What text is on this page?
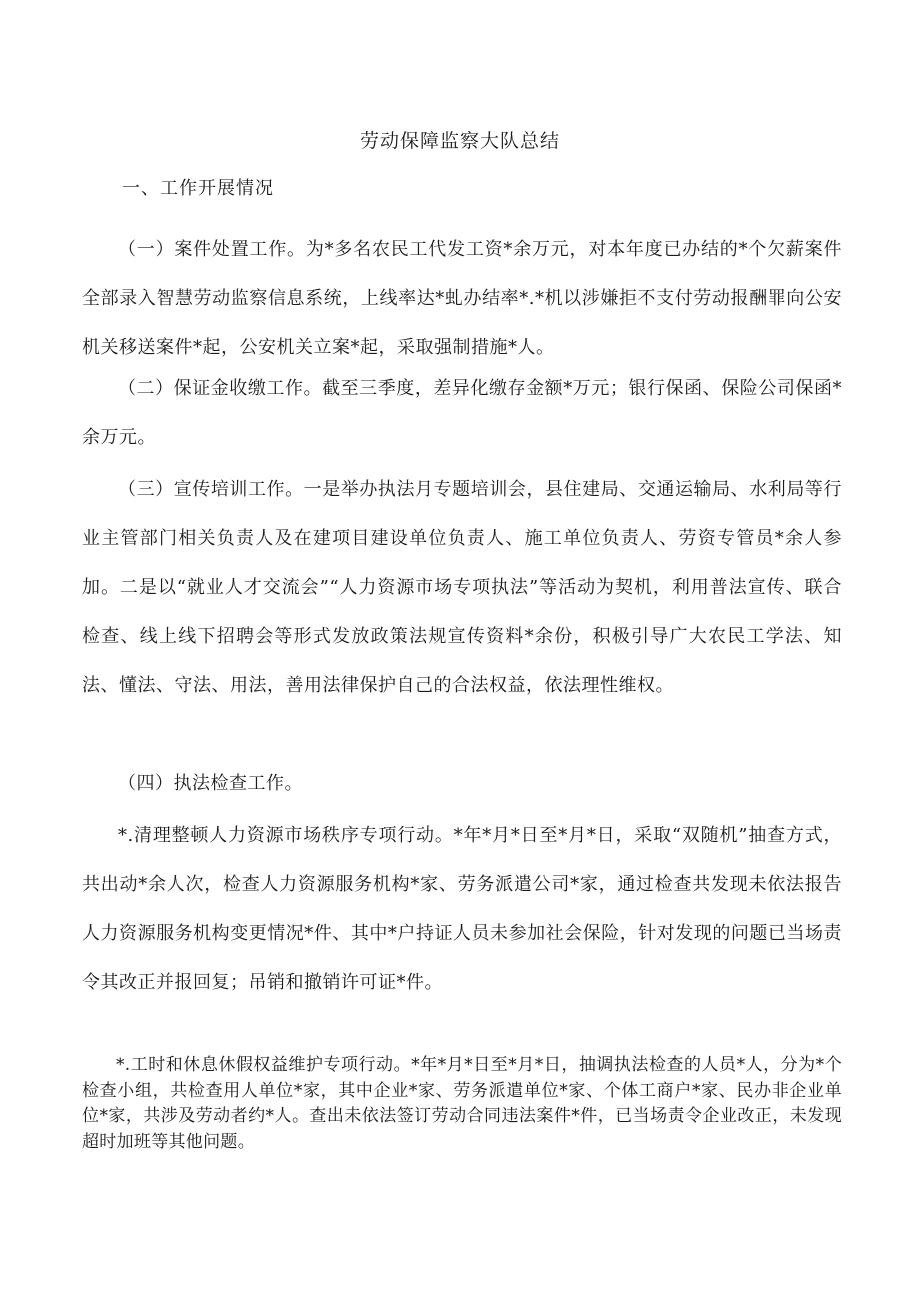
劳动保障监察大队总结
一、工作开展情况
（一）案件处置工作。为*多名农民工代发工资*余万元，对本年度已办结的*个欠薪案件全部录入智慧劳动监察信息系统，上线率达*虬办结率*.*机以涉嫌拒不支付劳动报酬罪向公安机关移送案件*起，公安机关立案*起，采取强制措施*人。
（二）保证金收缴工作。截至三季度，差异化缴存金额*万元；银行保函、保险公司保函*余万元。
（三）宣传培训工作。一是举办执法月专题培训会，县住建局、交通运输局、水利局等行业主管部门相关负责人及在建项目建设单位负责人、施工单位负责人、劳资专管员*余人参加。二是以“就业人才交流会”“人力资源市场专项执法”等活动为契机，利用普法宣传、联合检查、线上线下招聘会等形式发放政策法规宣传资料*余份，积极引导广大农民工学法、知法、懂法、守法、用法，善用法律保护自己的合法权益，依法理性维权。
（四）执法检查工作。
*.清理整顿人力资源市场秩序专项行动。*年*月*日至*月*日，采取“双随机”抽查方式，共出动*余人次，检查人力资源服务机构*家、劳务派遣公司*家，通过检查共发现未依法报告人力资源服务机构变更情况*件、其中*户持证人员未参加社会保险，针对发现的问题已当场责令其改正并报回复；吊销和撤销许可证*件。
*.工时和休息休假权益维护专项行动。*年*月*日至*月*日，抽调执法检查的人员*人，分为*个检查小组，共检查用人单位*家，其中企业*家、劳务派遣单位*家、个体工商户*家、民办非企业单位*家，共涉及劳动者约*人。查出未依法签订劳动合同违法案件*件，已当场责令企业改正，未发现超时加班等其他问题。
